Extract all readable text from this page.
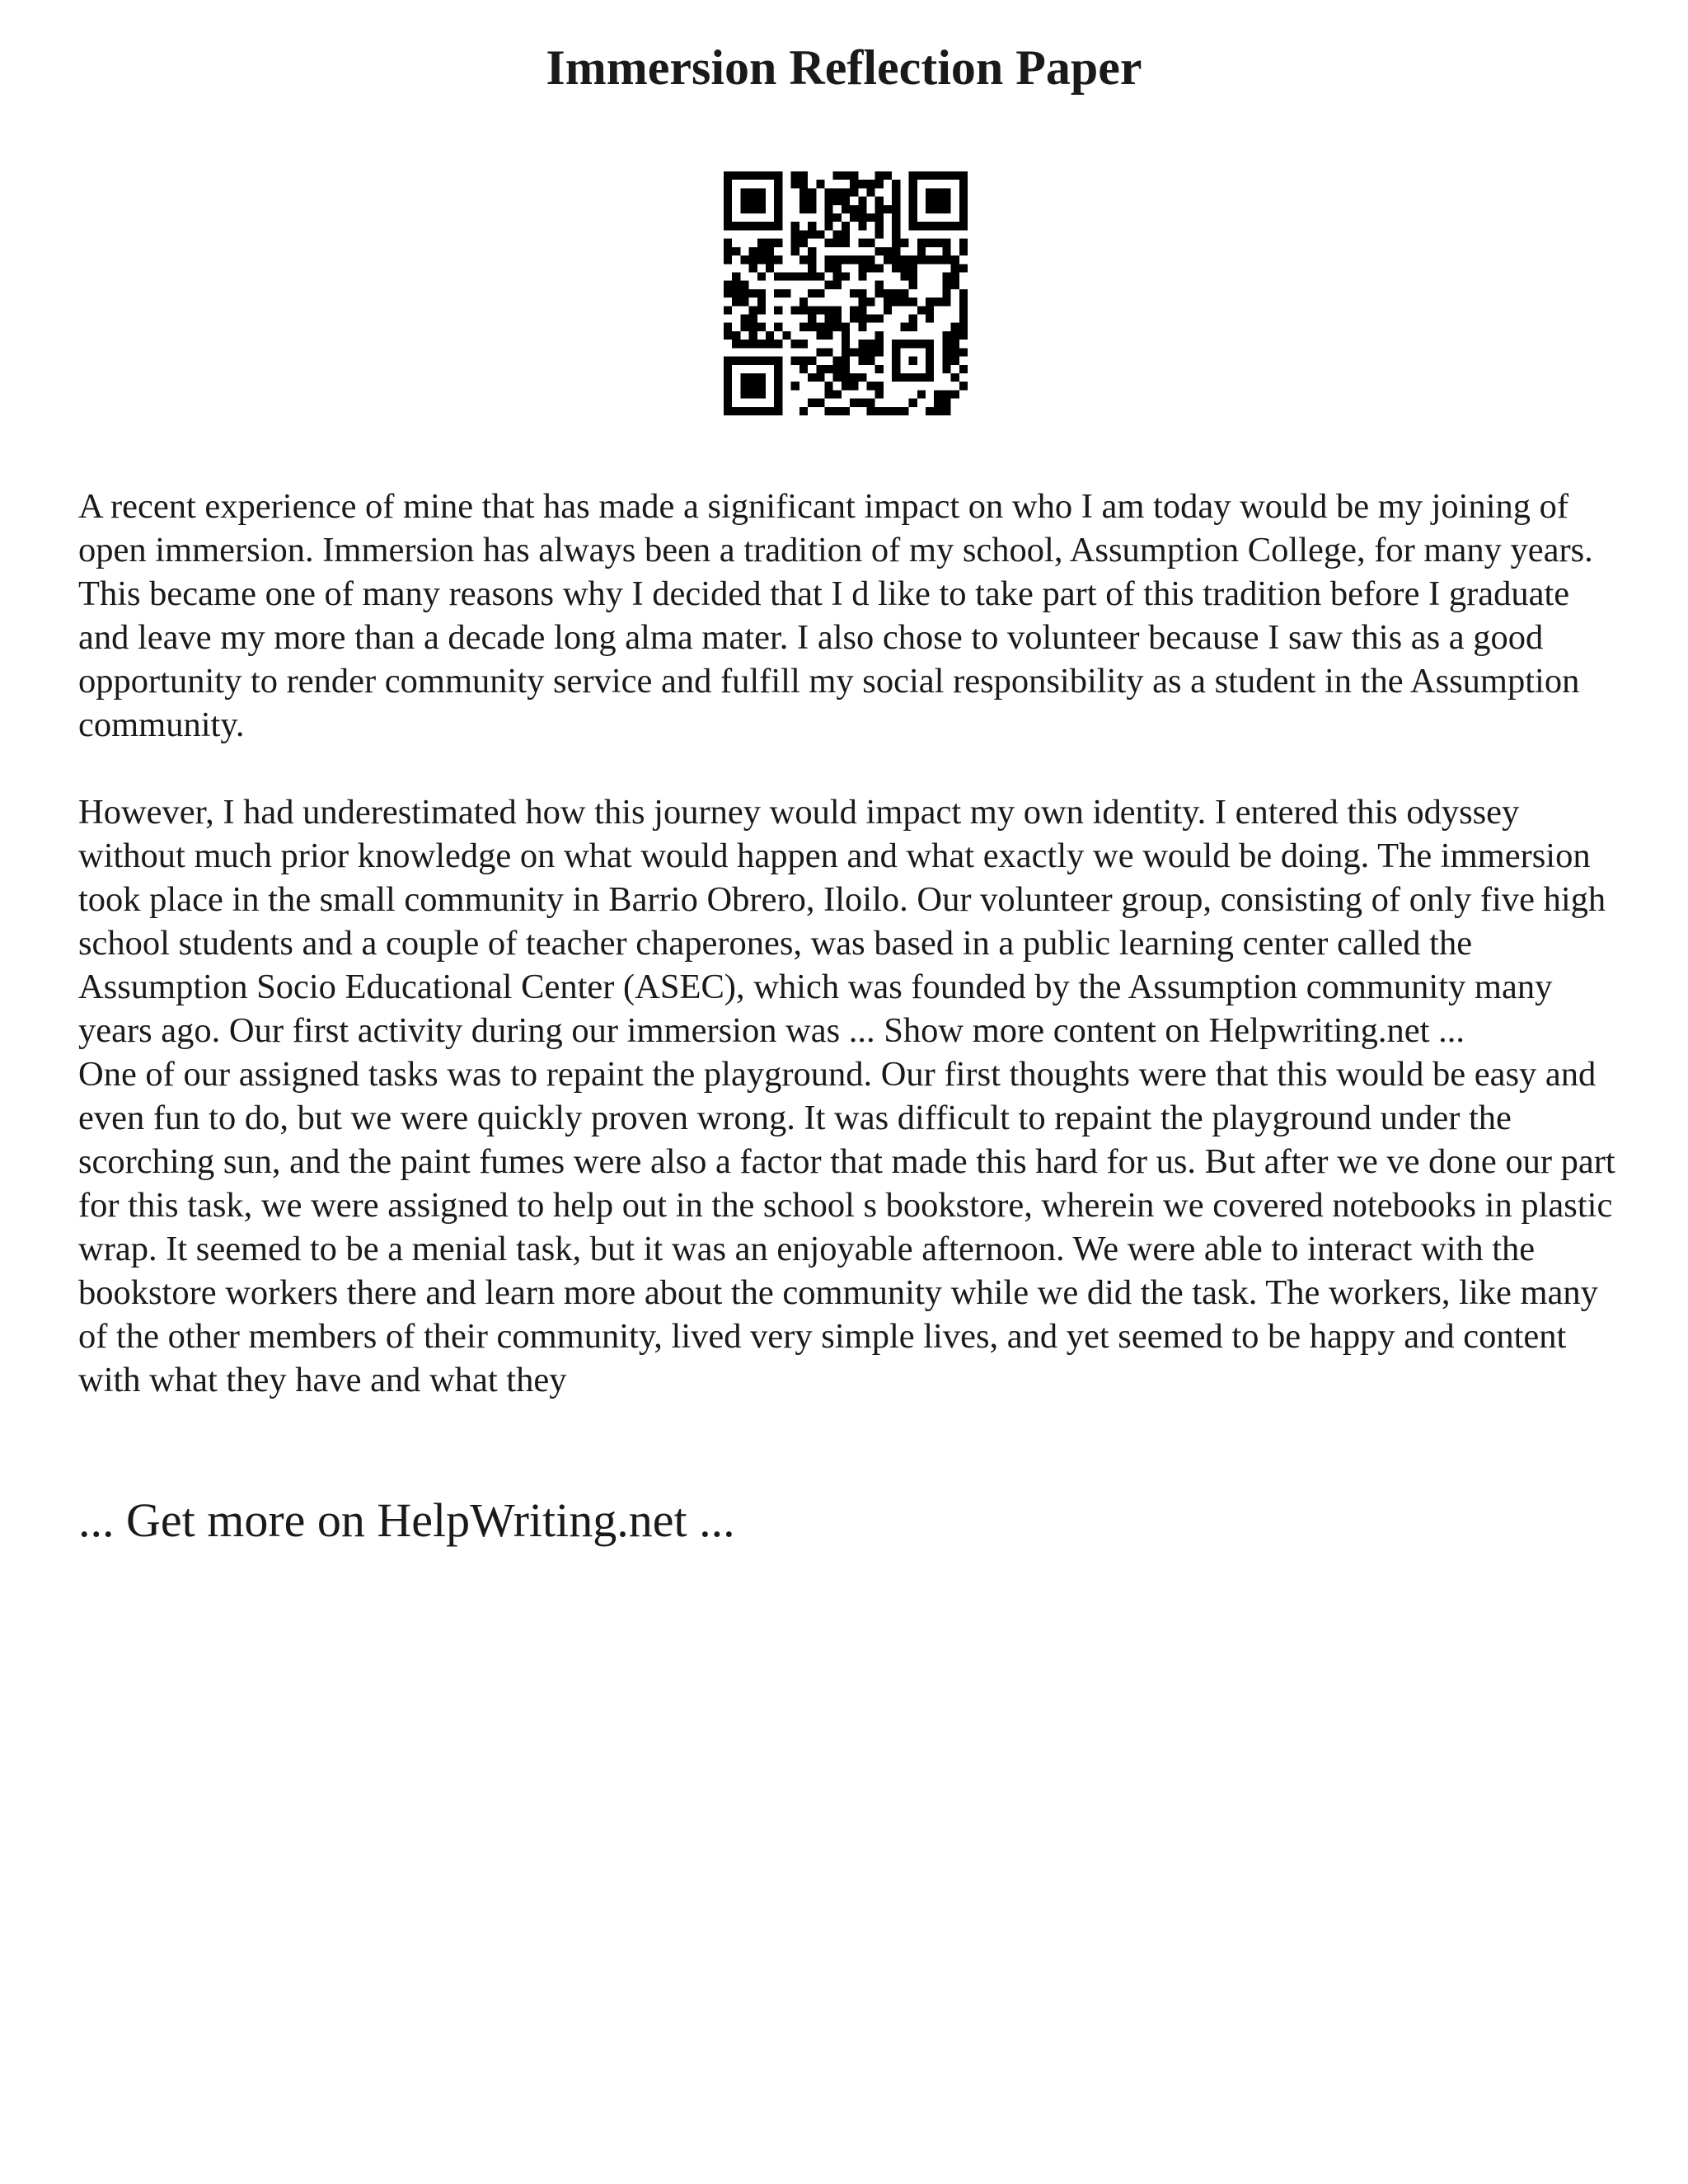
Immersion Reflection Paper

A recent experience of mine that has made a significant impact on who I am today would be my joining of open immersion. Immersion has always been a tradition of my school, Assumption College, for many years. This became one of many reasons why I decided that I d like to take part of this tradition before I graduate and leave my more than a decade long alma mater. I also chose to volunteer because I saw this as a good opportunity to render community service and fulfill my social responsibility as a student in the Assumption community.

However, I had underestimated how this journey would impact my own identity. I entered this odyssey without much prior knowledge on what would happen and what exactly we would be doing. The immersion took place in the small community in Barrio Obrero, Iloilo. Our volunteer group, consisting of only five high school students and a couple of teacher chaperones, was based in a public learning center called the Assumption Socio Educational Center (ASEC), which was founded by the Assumption community many years ago. Our first activity during our immersion was ... Show more content on Helpwriting.net ...

One of our assigned tasks was to repaint the playground. Our first thoughts were that this would be easy and even fun to do, but we were quickly proven wrong. It was difficult to repaint the playground under the scorching sun, and the paint fumes were also a factor that made this hard for us. But after we ve done our part for this task, we were assigned to help out in the school s bookstore, wherein we covered notebooks in plastic wrap. It seemed to be a menial task, but it was an enjoyable afternoon. We were able to interact with the bookstore workers there and learn more about the community while we did the task. The workers, like many of the other members of their community, lived very simple lives, and yet seemed to be happy and content with what they have and what they

... Get more on HelpWriting.net ...
